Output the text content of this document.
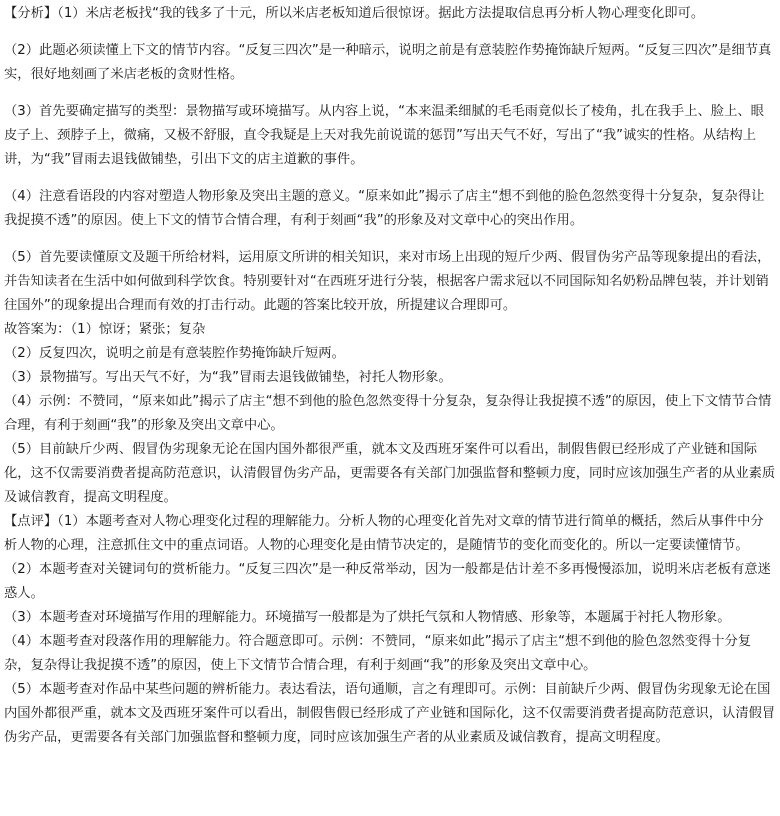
【分析】（1）米店老板找“我的钱多了十元，所以米店老板知道后很惊讶。据此方法提取信息再分析人物心理变化即可。

（2）此题必须读懂上下文的情节内容。“反复三四次”是一种暗示，说明之前是有意装腔作势掩饰缺斤短两。“反复三四次”是细节真实，很好地刻画了米店老板的贪财性格。

（3）首先要确定描写的类型：景物描写或环境描写。从内容上说，“本来温柔细腻的毛毛雨竟似长了棱角，扎在我手上、脸上、眼皮子上、颈脖子上，微痛，又极不舒服，直令我疑是上天对我先前说谎的惩罚”写出天气不好，写出了“我”诚实的性格。从结构上讲，为“我”冒雨去退钱做铺垫，引出下文的店主道歉的事件。

（4）注意看语段的内容对塑造人物形象及突出主题的意义。“原来如此”揭示了店主“想不到他的脸色忽然变得十分复杂，复杂得让我捉摸不透”的原因。使上下文的情节合情合理，有利于刻画“我”的形象及对文章中心的突出作用。

（5）首先要读懂原文及题干所给材料，运用原文所讲的相关知识，来对市场上出现的短斤少两、假冒伪劣产品等现象提出的看法，并告知读者在生活中如何做到科学饮食。特别要针对“在西班牙进行分装，根据客户需求冠以不同国际知名奶粉品牌包装，并计划销往国外”的现象提出合理而有效的打击行动。此题的答案比较开放，所提建议合理即可。

故答案为：（1）惊讶；紧张；复杂

（2）反复四次，说明之前是有意装腔作势掩饰缺斤短两。

（3）景物描写。写出天气不好，为“我”冒雨去退钱做铺垫，衬托人物形象。

（4）示例：不赞同，“原来如此”揭示了店主“想不到他的脸色忽然变得十分复杂，复杂得让我捉摸不透”的原因，使上下文情节合情合理，有利于刻画“我”的形象及突出文章中心。

（5）目前缺斤少两、假冒伪劣现象无论在国内国外都很严重，就本文及西班牙案件可以看出，制假售假已经形成了产业链和国际化，这不仅需要消费者提高防范意识，认清假冒伪劣产品，更需要各有关部门加强监督和整顿力度，同时应该加强生产者的从业素质及诚信教育，提高文明程度。

【点评】（1）本题考查对人物心理变化过程的理解能力。分析人物的心理变化首先对文章的情节进行简单的概括，然后从事件中分析人物的心理，注意抓住文中的重点词语。人物的心理变化是由情节决定的，是随情节的变化而变化的。所以一定要读懂情节。

（2）本题考查对关键词句的赏析能力。“反复三四次”是一种反常举动，因为一般都是估计差不多再慢慢添加，说明米店老板有意迷惑人。

（3）本题考查对环境描写作用的理解能力。环境描写一般都是为了烘托气氛和人物情感、形象等，本题属于衬托人物形象。

（4）本题考查对段落作用的理解能力。符合题意即可。示例：不赞同，“原来如此”揭示了店主“想不到他的脸色忽然变得十分复杂，复杂得让我捉摸不透”的原因，使上下文情节合情合理，有利于刻画“我”的形象及突出文章中心。

（5）本题考查对作品中某些问题的辨析能力。表达看法，语句通顺，言之有理即可。示例：目前缺斤少两、假冒伪劣现象无论在国内国外都很严重，就本文及西班牙案件可以看出，制假售假已经形成了产业链和国际化，这不仅需要消费者提高防范意识，认清假冒伪劣产品，更需要各有关部门加强监督和整顿力度，同时应该加强生产者的从业素质及诚信教育，提高文明程度。
